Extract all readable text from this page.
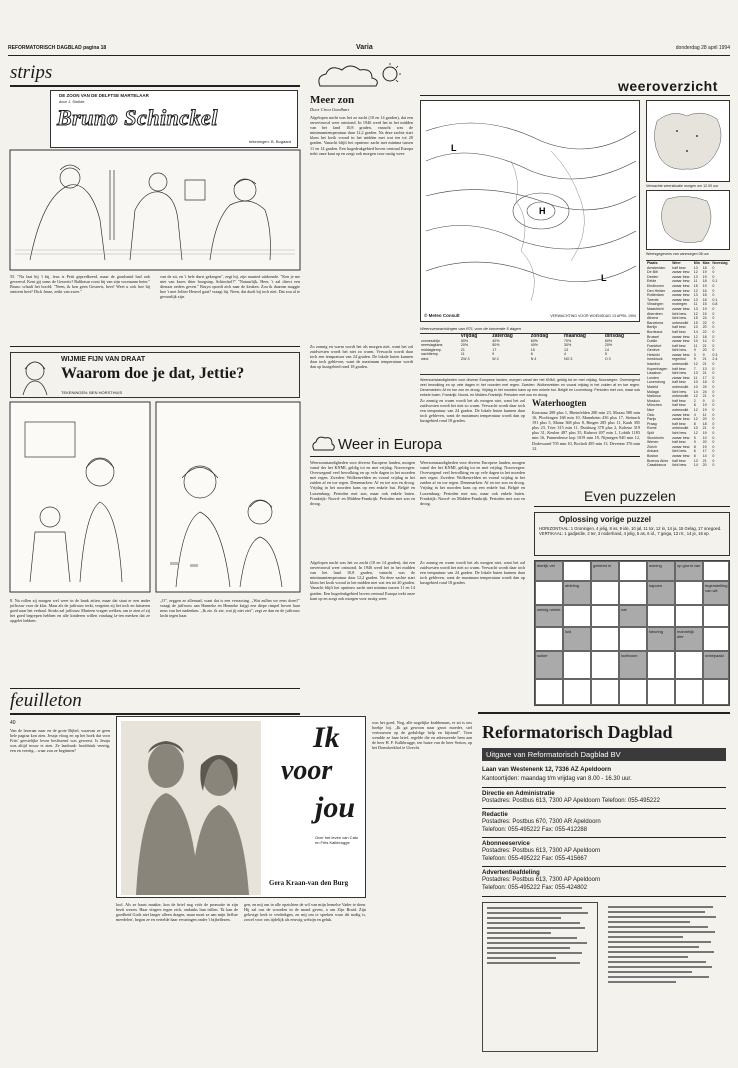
REFORMATORISCH DAGBLAD pagina 18	Varia	donderdag 28 april 1994
strips
DE ZOON VAN DE DELFTSE MARTELAAR
door J. Smilde
Bruno Schinckel
tekeningen: B. Bogaard
55. "Na laat bij 't bij, feus is Petit gepredkeerd, maar de goudsmid had ook gevreesd. Kent gij soms de Gesserts? Balthasar roost bij van zijn voornaam beter." Bruno schudt het hoofd: "Neen, ik ken geen Gesserts, heer! Weet u ook hoe bij omtrent heet? Dick Janse, zeikt van zwee."
van de zit, en 't hele durst gekregen", zegt hij, zijn naasted uitdoende. "Ken je me niet van kroes thier hoogstap, Schinckel?" "Natuurlijk, Heer, 't zal direct een dienaar oeders geven." Bruyn spoedt zich naar de keuken. Zou ik daarom maggie hoe 't met Joliter Heuvel gaat? vraagt hij. Neen, dat durft hij toch niet. Dat zou al te gevaarlijk zijn.
WIJMIE FIJN VAN DRAAT
Waarom doe je dat, Jettie?
TEKENINGEN: BEN HORSTHUIS
8. Na rollen zij morgen wel weer in de bank zitten, maar dat staat er een ander juffrouw voor de klas. Maar als de juffrouw terkt, vergeten zij het toch en luisteren goed naar het verhaal. Straks zal juffrouw Marteen vragen welken, om te zien of zij het goed begrepen hebben en alle kinderen willen vandaag la-ten merken dat ze opgelet hebben.
„O", zeggen ze allemaal, want dat is een verrassing. „Wat zullen we eens doen?" vraagt de juffrouw aan Hanneke en Henneke krijgt een diepe rimpel boven haar neus van het nadenken. „Ik zie. ik zie, wat jij niet ziet", zegt ze dan en de juffrouw lacht tegen haar.
feuilleton
Meer zon
Door Circa Goedhart
Afgelopen nacht was het zo zacht (10 en 14 graden), dat een onvertroosd weer ontstond. In 1946 werd het in het midden van het land 10,8 graden, vanacht was de minimumtemperatuur daar 12,2 graden. Na deze zachte start klom het kwik vooral in het midden met wat ten tot 20 graden. Vanacht blijft het opnieuw zacht met minima tussen 11 en 14 graden. Een hogedrukgebied boven centraal Europa trekt onze kant op en zorgt ook morgen voor rustig weer.
Zo zonnig en warm wordt het als morgen niet, want het zal zuidwesten wordt het niet zo warm. Verwacht wordt daar toch een tempratuur van 24 graden. De lokale buien kunnen daar toch gebleven, want de maximum temperatuur wordt dan op kustgebied rond 18 graden.
weeroverzicht
H
L
L
© Meteo Consult	VERWACHTING VOOR WOENSDAG 13 APRIL 1994
Verwachte weersituatie morgen om 12.00 uur
Weersgegevens van vanmorgen 08 uur
Plaats	Weer	Min	Max	Neerslag
Amsterdam	half bew.	13	18	0
De Bilt	zwaar bew.	12	19	0
Deelen	zwaar bew.	13	19	0
Eelde	zwaar bew.	11	18	0.1
Eindhoven	zwaar bew.	15	19	0
Den Helder	zwaar bew.	12	16	0
Rotterdam	zwaar bew.	13	18	0
Twente	zwaar bew.	13	18	0.1
Vlissingen	motregen	11	15	0.8
Maastricht	zwaar bew.	13	19	0
Aberdeen	licht bew.	12	15	0
Athene	licht bew.	15	24	0
Barcelona	onbewolkt	15	22	0
Berlijn	half bew.	10	20	0
Bordeaux	half bew.	14	22	0
Brussel	zwaar bew.	12	18	0
Dublin	zwaar bew.	10	14	0
Frankfurt	half bew.	11	21	0
Genève	licht bew.	9	20	0
Helsinki	zwaar bew.	3	9	0.3
Innsbruck	regenbui	9	21	2.4
Istanbul	onbewolkt	12	21	0
Kopenhagen	half bew.	7	13	0
Lissabon	licht bew.	13	21	0
Londen	zwaar bew.	11	17	0
Luxemburg	half bew.	10	18	0
Madrid	onbewolkt	10	24	0
Malaga	licht bew.	14	24	0
Mallorca	onbewolkt	12	21	0
Moskou	half bew.	2	9	0
München	half bew.	8	19	0
Nice	onbewolkt	12	19	0
Oslo	zwaar bew.	4	11	0
Parijs	zwaar bew.	12	20	0
Praag	half bew.	8	18	0
Rome	onbewolkt	10	21	0
Split	licht bew.	12	19	0
Stockholm	zwaar bew.	5	10	0
Wenen	half bew.	9	20	0
Zürich	zwaar bew.	8	19	0
Ankara	licht bew.	6	17	0
Boston	zwaar bew.	8	14	0
Buenos Aires	half bew.	13	21	0
Casablanca	licht bew.	14	20	0
Weersverwachtingen van RTL voor de komende 5 dagen
	vrijdag	zaterdag	zondag	maandag	dinsdag
zonneschijn	50%	40%	60%	70%	60%
neerslagkans	20%	50%	40%	30%	20%
middagtemp.	21	17	15	13	14
nachttemp.	11	9	6	4	5
wind	ZW 3	W 4	N 4	NO 3	O 3
Weersomstandigheden voor diverse Europese landen, morgen vanaf der het KNMI, geldig tot en met vrijdag. Noorwegen: Overwegend veel bewolking en op vele dagen in het noorden met regen. Zweden: Wolkenvelden en vooral vrijdag in het zuiden af en toe regen. Denemarken: Af en toe zon en droog. Vrijdag in het noorden kans op een enkele bui. België en Luxemburg: Perioden met zon, maar ook enkele buien. Frankrijk: Noord- en Midden-Frankrijk: Perioden met zon en droog.
Zo zonnig en warm wordt het als morgen niet, want het zal zuidwesten wordt het niet zo warm. Verwacht wordt daar toch een tempratuur van 24 graden. De lokale buien kunnen daar toch gebleven, want de maximum temperatuur wordt dan op kustgebied rond 18 graden.
Waterhoogten
Konstanz 289 plus 1, Rheinfelden 280 min 23, Maxau 580 min 16, Plochingen 168 min 10, Mannheim 436 plus 17, Steinach 191 plus 5, Mainz 368 plus 8, Bingen 285 plus 11, Kaub 305 plus 23, Trier 315 min 11, Duisburg 378 plus 2, Kobenz 319 plus 31, Keulen 487 plus 35, Ruhrort 497 min 1, Lobith 1183 min 16, Pannerdense kop 1019 min 18, Nijmegen 940 min 12, Dodewaard 705 min 10, Bocholt 495 min 13, Deventer 376 min 12.
Weer in Europa
Weersomstandigheden voor diverse Europese landen, morgen vanaf der het KNMI, geldig tot en met vrijdag. Noorwegen: Overwegend veel bewolking en op vele dagen in het noorden met regen. Zweden: Wolkenvelden en vooral vrijdag in het zuiden af en toe regen. Denemarken: Af en toe zon en droog. Vrijdag in het noorden kans op een enkele bui. België en Luxemburg: Perioden met zon, maar ook enkele buien. Frankrijk: Noord- en Midden-Frankrijk: Perioden met zon en droog.
Weersomstandigheden voor diverse Europese landen, morgen vanaf der het KNMI, geldig tot en met vrijdag. Noorwegen: Overwegend veel bewolking en op vele dagen in het noorden met regen. Zweden: Wolkenvelden en vooral vrijdag in het zuiden af en toe regen. Denemarken: Af en toe zon en droog. Vrijdag in het noorden kans op een enkele bui. België en Luxemburg: Perioden met zon, maar ook enkele buien. Frankrijk: Noord- en Midden-Frankrijk: Perioden met zon en droog.
Afgelopen nacht was het zo zacht (10 en 14 graden), dat een onvertroosd weer ontstond. In 1946 werd het in het midden van het land 10,8 graden, vanacht was de minimumtemperatuur daar 12,2 graden. Na deze zachte start klom het kwik vooral in het midden met wat ten tot 20 graden. Vanacht blijft het opnieuw zacht met minima tussen 11 en 14 graden. Een hogedrukgebied boven centraal Europa trekt onze kant op en zorgt ook morgen voor rustig weer.
Zo zonnig en warm wordt het als morgen niet, want het zal zuidwesten wordt het niet zo warm. Verwacht wordt daar toch een tempratuur van 24 graden. De lokale buien kunnen daar toch gebleven, want de maximum temperatuur wordt dan op kustgebied rond 18 graden.
Even puzzelen
Oplossing vorige puzzel
HORIZONTAAL: 1 Groningen, 4 jelig, 8 os, 9 ide, 10 jal, 11 tor, 12 in, 14 ja, 15 Gelag, 17 onegoed. VERTIKAAL: 1 gadjerdie, 2 ter, 3 noderhand, 4 jelig, 5 as, 6 id., 7 geiga, 13 rrr., 14 je, 16 ep.
dierlijk vet	gekleed in	woning	op grond van
afdeling	kapoen	tegenstelling van wit
weinig ruimte	nat
luid	kleuring	mannelijk dier
suiker	loofboom	onbepaald
40
Van de lezeraar naar en de grote Bijbel, waarvan ze geen hele pagina kon zien. Jesaja vloog en op het hoek dat voor Frits' geestelijke leven beslissend was geweest. Is Jesaja was altijd trouw te zien. Ze laadraak: hoofdstuk veertig, een en veertig... waar zou ze beginnen?	Ik
voor
jou
Over het leven van Cato en Frits Kalkbrugge
Gera Kraan-van den Burg
lool. Als ze haast maakte, kon de brief nog vóór de promotie in zijn bezit wezen. Haar vingers tegen zich, ondanks hun trillen. 'Ik kan de goedheid Gods niet langer alleen dragen, maar moet ze aan mijn lieflste meedelen', begon ze en vertelde haar ervaringen onder 't bijbellezen.
gen, en mij om in alle opzichten de wil van mijn hemelse Vader te doen. Hij zal ons de woorden in de mond geven, o om Zijn Braid. Zijn gelovige kerk te verdedigen, en mij om te spreken waar dit nodig is, zowel voor ons tijdelijk als eeuwig welzijn en geluk.
was het goed. Nog, alle nogelijke krabbenans, er zit is ons hoekje bij. „Ik ga gewoon naar groot moeder, stel vertrouwen op de geduldige help en bijstand". Toen wendde ze haar brief, regelde die en adresseerde hem aan de heer H. F. Kalkbrugge, ten huize van de heer Serton, op het Domskerkhof te Utrecht.
Reformatorisch Dagblad
Uitgave van Reformatorisch Dagblad BV
Laan van Westenenk 12, 7336 AZ Apeldoorn
Kantoortijden: maandag t/m vrijdag van 8.00 - 16.30 uur.
Directie en Administratie
Postadres: Postbus 613, 7300 AP Apeldoorn Telefoon: 055-495222
Redactie
Postadres: Postbus 670, 7300 AR Apeldoorn
Telefoon: 055-495222 Fax: 055-412288
Abonneeservice
Postadres: Postbus 613, 7300 AP Apeldoorn
Telefoon: 055-495222 Fax: 055-415667
Advertentieafdeling
Postadres: Postbus 613, 7300 AP Apeldoorn
Telefoon: 055-495222 Fax: 055-424802
